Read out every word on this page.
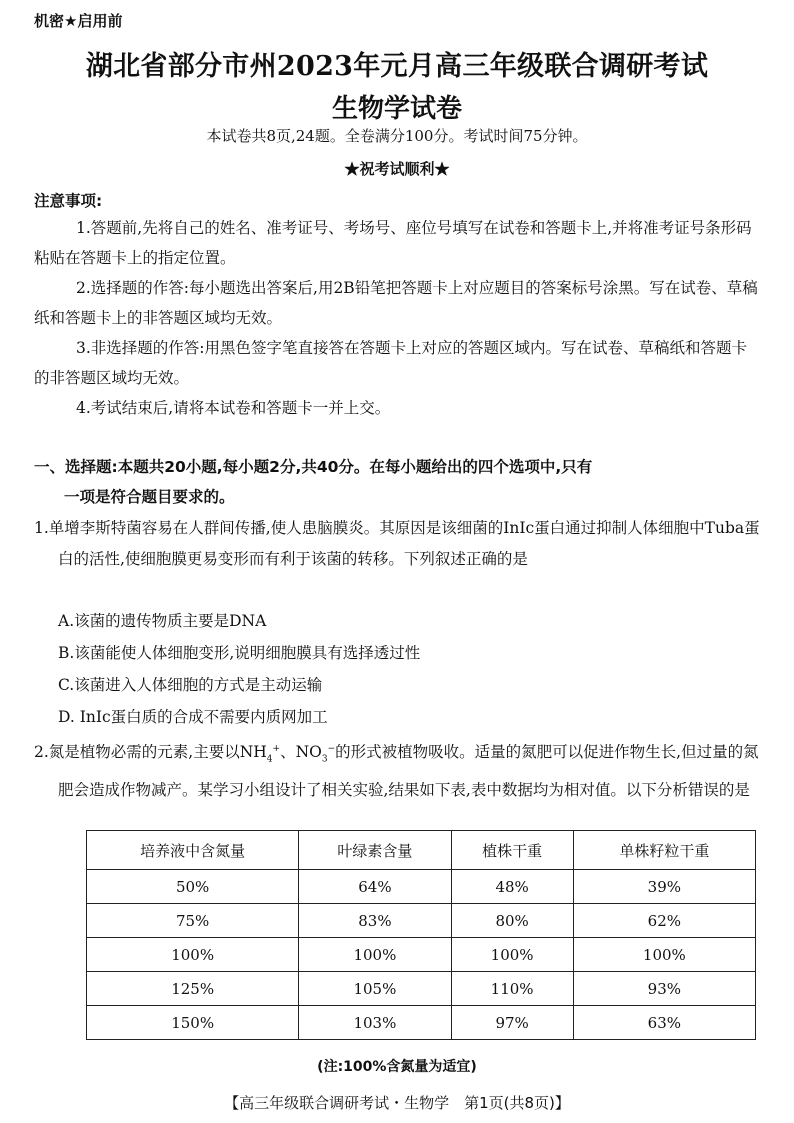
机密★启用前
湖北省部分市州2023年元月高三年级联合调研考试
生物学试卷
本试卷共8页,24题。全卷满分100分。考试时间75分钟。
★祝考试顺利★
注意事项:
1.答题前,先将自己的姓名、准考证号、考场号、座位号填写在试卷和答题卡上,并将准考证号条形码粘贴在答题卡上的指定位置。
2.选择题的作答:每小题选出答案后,用2B铅笔把答题卡上对应题目的答案标号涂黑。写在试卷、草稿纸和答题卡上的非答题区域均无效。
3.非选择题的作答:用黑色签字笔直接答在答题卡上对应的答题区域内。写在试卷、草稿纸和答题卡的非答题区域均无效。
4.考试结束后,请将本试卷和答题卡一并上交。
一、选择题:本题共20小题,每小题2分,共40分。在每小题给出的四个选项中,只有
一项是符合题目要求的。
1.单增李斯特菌容易在人群间传播,使人患脑膜炎。其原因是该细菌的InIc蛋白通过抑制人体细胞中Tuba蛋白的活性,使细胞膜更易变形而有利于该菌的转移。下列叙述正确的是
A.该菌的遗传物质主要是DNA
B.该菌能使人体细胞变形,说明细胞膜具有选择透过性
C.该菌进入人体细胞的方式是主动运输
D. InIc蛋白质的合成不需要内质网加工
2.氮是植物必需的元素,主要以$NH_4^+$、$NO_3^-$的形式被植物吸收。适量的氮肥可以促进作物生长,但过量的氮肥会造成作物减产。某学习小组设计了相关实验,结果如下表,表中数据均为相对值。以下分析错误的是
培养液中含氮量	叶绿素含量	植株干重	单株籽粒干重
50%	64%	48%	39%
75%	83%	80%	62%
100%	100%	100%	100%
125%	105%	110%	93%
150%	103%	97%	63%
(注:100%含氮量为适宜)
【高三年级联合调研考试・生物学　第1页(共8页)】
